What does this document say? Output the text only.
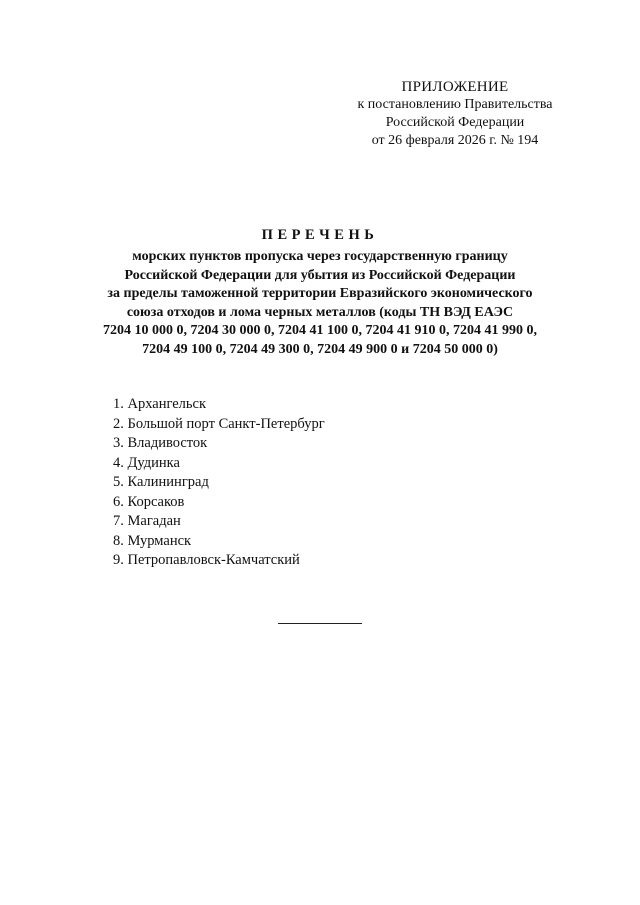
ПРИЛОЖЕНИЕ
к постановлению Правительства
Российской Федерации
от 26 февраля 2026 г. № 194
ПЕРЕЧЕНЬ
морских пунктов пропуска через государственную границу
Российской Федерации для убытия из Российской Федерации
за пределы таможенной территории Евразийского экономического
союза отходов и лома черных металлов (коды ТН ВЭД ЕАЭС
7204 10 000 0, 7204 30 000 0, 7204 41 100 0, 7204 41 910 0, 7204 41 990 0,
7204 49 100 0, 7204 49 300 0, 7204 49 900 0 и 7204 50 000 0)
1. Архангельск
2. Большой порт Санкт-Петербург
3. Владивосток
4. Дудинка
5. Калининград
6. Корсаков
7. Магадан
8. Мурманск
9. Петропавловск-Камчатский
